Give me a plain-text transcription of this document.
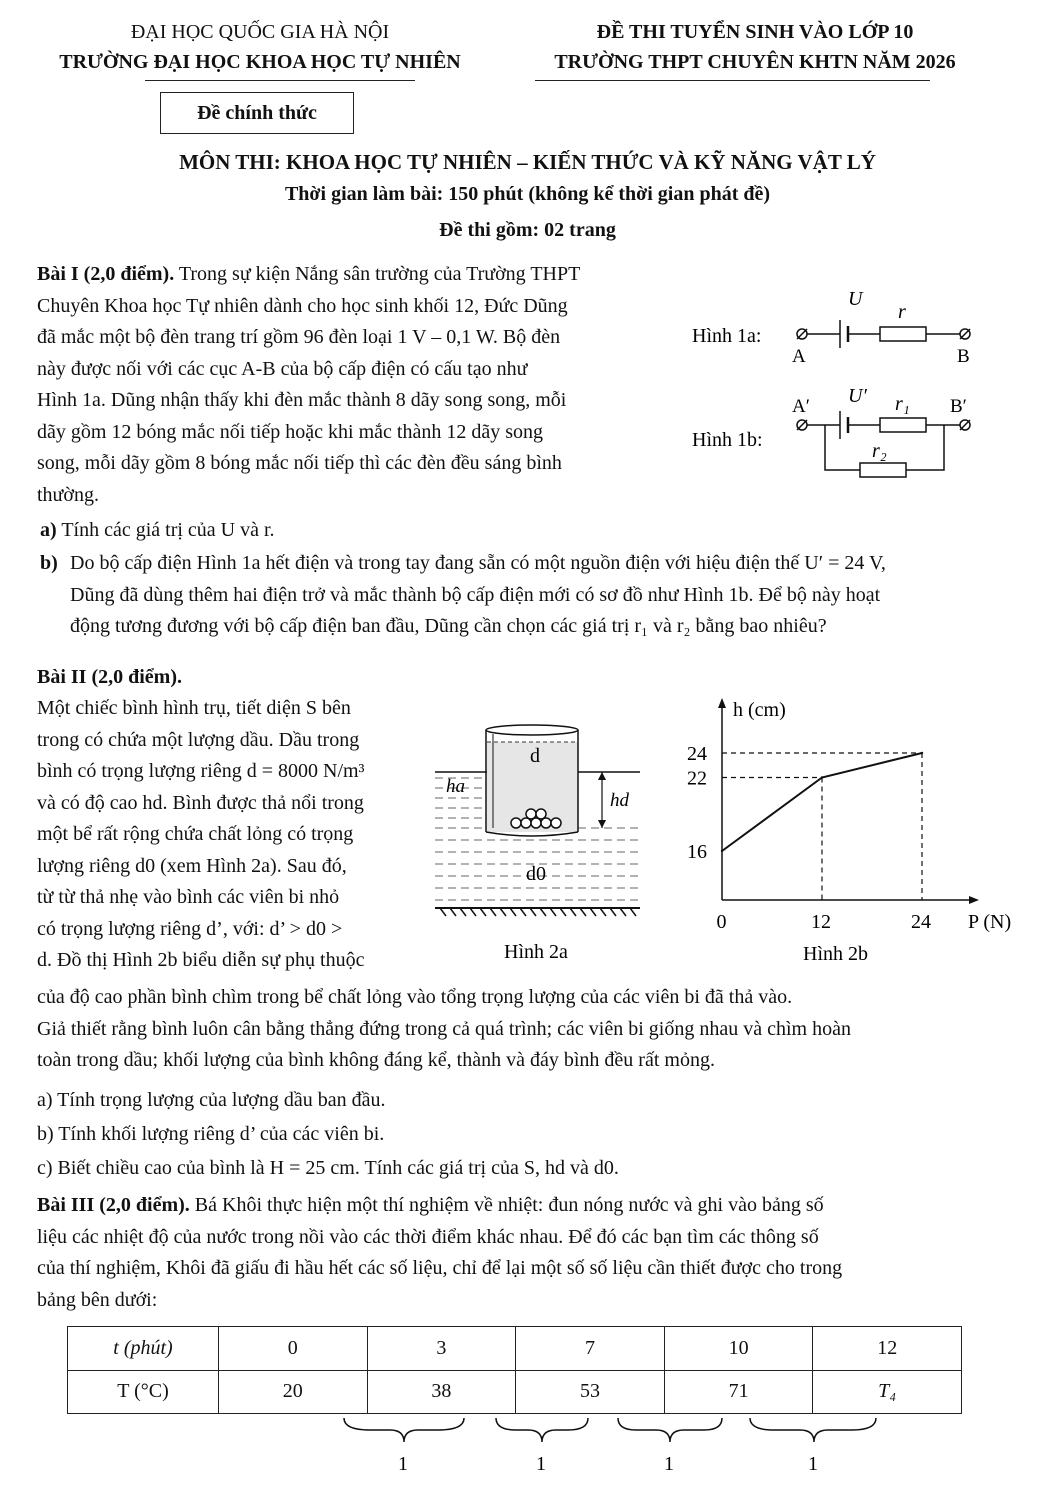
ĐẠI HỌC QUỐC GIA HÀ NỘI
TRƯỜNG ĐẠI HỌC KHOA HỌC TỰ NHIÊN
ĐỀ THI TUYỂN SINH VÀO LỚP 10
TRƯỜNG THPT CHUYÊN KHTN NĂM 2026
Đề chính thức
MÔN THI: KHOA HỌC TỰ NHIÊN – KIẾN THỨC VÀ KỸ NĂNG VẬT LÝ
Thời gian làm bài: 150 phút (không kể thời gian phát đề)
Đề thi gồm: 02 trang
Bài I (2,0 điểm). Trong sự kiện Nắng sân trường của Trường THPT
Chuyên Khoa học Tự nhiên dành cho học sinh khối 12, Đức Dũng
đã mắc một bộ đèn trang trí gồm 96 đèn loại 1 V – 0,1 W. Bộ đèn
này được nối với các cục A-B của bộ cấp điện có cấu tạo như
Hình 1a. Dũng nhận thấy khi đèn mắc thành 8 dãy song song, mỗi
dãy gồm 12 bóng mắc nối tiếp hoặc khi mắc thành 12 dãy song
song, mỗi dãy gồm 8 bóng mắc nối tiếp thì các đèn đều sáng bình
thường.
a) Tính các giá trị của U và r.
b) Do bộ cấp điện Hình 1a hết điện và trong tay đang sẵn có một nguồn điện với hiệu điện thế U′ = 24 V,
Dũng đã dùng thêm hai điện trở và mắc thành bộ cấp điện mới có sơ đồ như Hình 1b. Để bộ này hoạt
động tương đương với bộ cấp điện ban đầu, Dũng cần chọn các giá trị r₁ và r₂ bằng bao nhiêu?
Hình 1a:
U
r
A	B
Hình 1b:
A′ U′ r₁ B′
r₂
Bài II (2,0 điểm).
Một chiếc bình hình trụ, tiết diện S bên
trong có chứa một lượng dầu. Dầu trong
bình có trọng lượng riêng d = 8000 N/m³
và có độ cao hd. Bình được thả nổi trong
một bể rất rộng chứa chất lỏng có trọng
lượng riêng d0 (xem Hình 2a). Sau đó,
từ từ thả nhẹ vào bình các viên bi nhỏ
có trọng lượng riêng d’, với: d’ > d0 >
d. Đồ thị Hình 2b biểu diễn sự phụ thuộc
của độ cao phần bình chìm trong bể chất lỏng vào tổng trọng lượng của các viên bi đã thả vào.
Giả thiết rằng bình luôn cân bằng thẳng đứng trong cả quá trình; các viên bi giống nhau và chìm hoàn
toàn trong dầu; khối lượng của bình không đáng kể, thành và đáy bình đều rất mỏng.
a) Tính trọng lượng của lượng dầu ban đầu.
b) Tính khối lượng riêng d’ của các viên bi.
c) Biết chiều cao của bình là H = 25 cm. Tính các giá trị của S, hd và d0.
d
hd
ha
d0
Hình 2a
h (cm)
P (N)
0	12	24
16
22
24
Hình 2b
Bài III (2,0 điểm). Bá Khôi thực hiện một thí nghiệm về nhiệt: đun nóng nước và ghi vào bảng số
liệu các nhiệt độ của nước trong nồi vào các thời điểm khác nhau. Để đó các bạn tìm các thông số
của thí nghiệm, Khôi đã giấu đi hầu hết các số liệu, chỉ để lại một số số liệu cần thiết được cho trong
bảng bên dưới:
t (phút)	0	3	7	10	12
T (°C)	20	38	53	71	T₄
1	1	1	1
